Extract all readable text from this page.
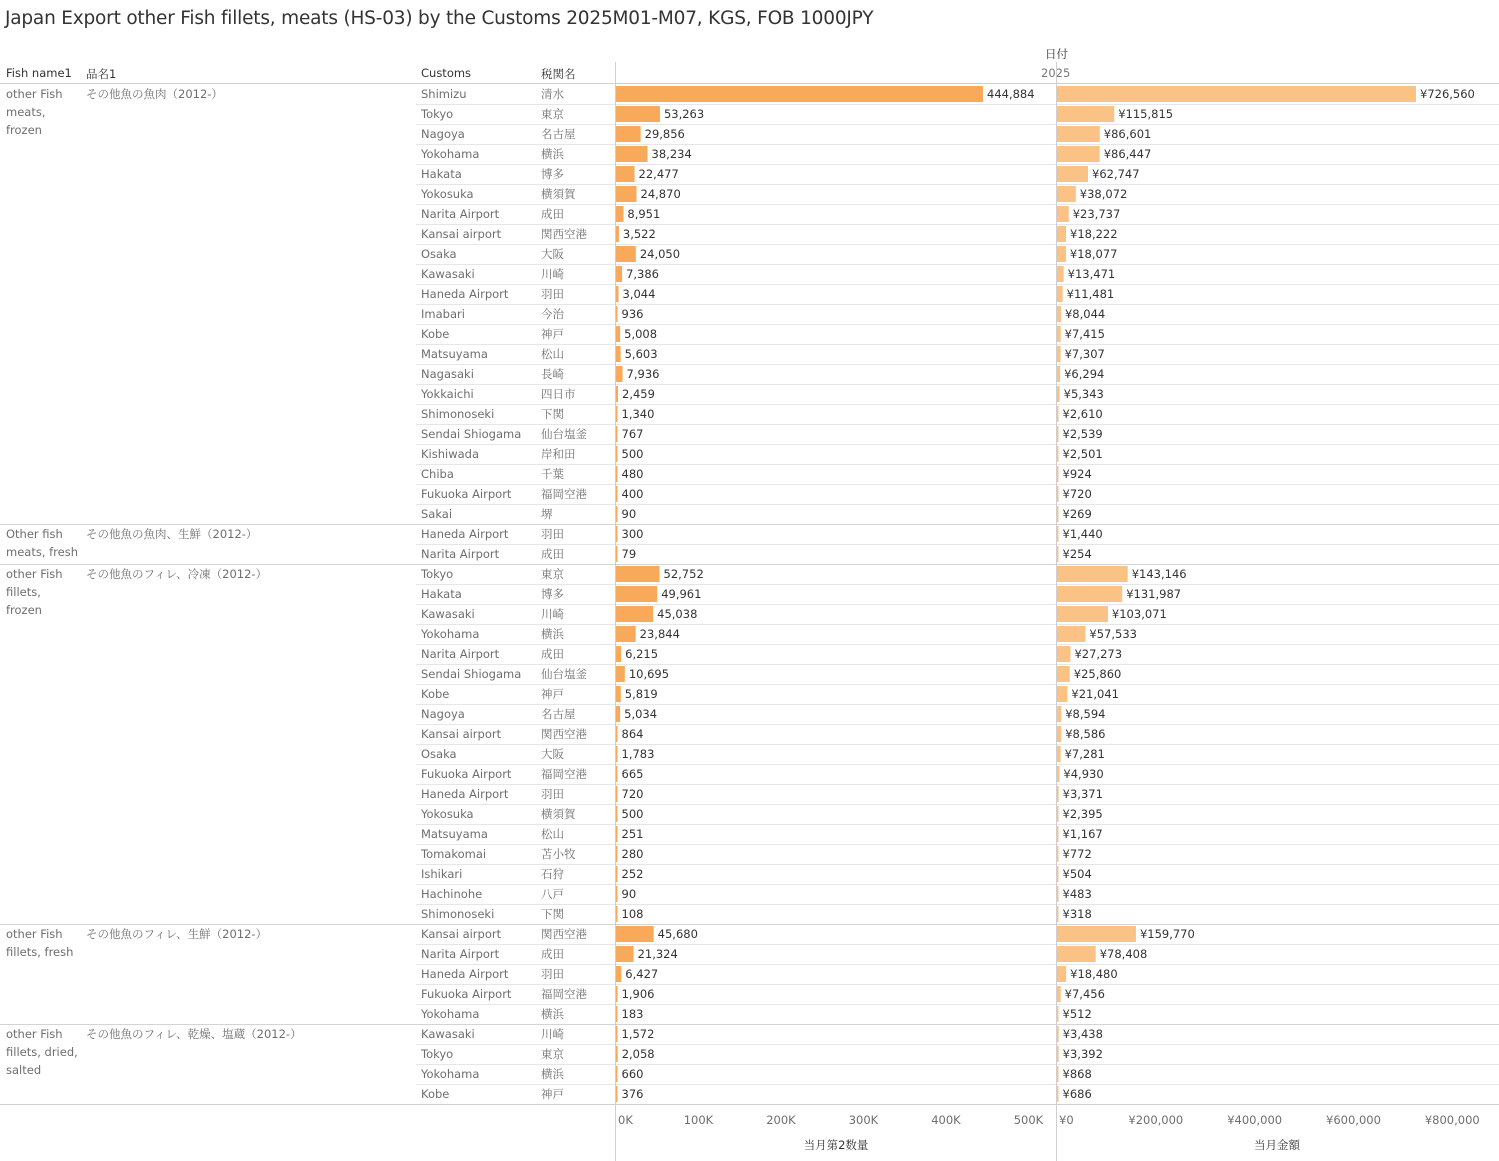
Japan Export other Fish fillets, meats (HS-03) by the Customs 2025M01-M07, KGS, FOB 1000JPY
日付
Fish name1 品名1	Customs	税関名	2025
other Fish meats, frozen
その他魚の魚肉（2012-）	Shimizu	清水	444,884	¥726,560
Tokyo	東京	53,263	¥115,815
Nagoya	名古屋	29,856	¥86,601
Yokohama	横浜	38,234	¥86,447
Hakata	博多	22,477	¥62,747
Yokosuka	横須賀	24,870	¥38,072
Narita Airport	成田	8,951	¥23,737
Kansai airport	関西空港	3,522	¥18,222
Osaka	大阪	24,050	¥18,077
Kawasaki	川崎	7,386	¥13,471
Haneda Airport	羽田	3,044	¥11,481
Imabari	今治	936	¥8,044
Kobe	神戸	5,008	¥7,415
Matsuyama	松山	5,603	¥7,307
Nagasaki	長崎	7,936	¥6,294
Yokkaichi	四日市	2,459	¥5,343
Shimonoseki	下関	1,340	¥2,610
Sendai Shiogama 仙台塩釜	767	¥2,539
Kishiwada	岸和田	500	¥2,501
Chiba	千葉	480	¥924
Fukuoka Airport	福岡空港	400	¥720
Sakai	堺	90	¥269
Other fish meats, fresh
その他魚の魚肉、生鮮（2012-）	Haneda Airport	羽田	300	¥1,440
Narita Airport	成田	79	¥254
other Fish fillets, frozen
その他魚のフィレ、冷凍（2012-）	Tokyo	東京	52,752	¥143,146
Hakata	博多	49,961	¥131,987
Kawasaki	川崎	45,038	¥103,071
Yokohama	横浜	23,844	¥57,533
Narita Airport	成田	6,215	¥27,273
Sendai Shiogama 仙台塩釜	10,695	¥25,860
Kobe	神戸	5,819	¥21,041
Nagoya	名古屋	5,034	¥8,594
Kansai airport	関西空港	864	¥8,586
Osaka	大阪	1,783	¥7,281
Fukuoka Airport	福岡空港	665	¥4,930
Haneda Airport	羽田	720	¥3,371
Yokosuka	横須賀	500	¥2,395
Matsuyama	松山	251	¥1,167
Tomakomai	苫小牧	280	¥772
Ishikari	石狩	252	¥504
Hachinohe	八戸	90	¥483
Shimonoseki	下関	108	¥318
other Fish fillets, fresh
その他魚のフィレ、生鮮（2012-）	Kansai airport	関西空港	45,680	¥159,770
Narita Airport	成田	21,324	¥78,408
Haneda Airport	羽田	6,427	¥18,480
Fukuoka Airport	福岡空港	1,906	¥7,456
Yokohama	横浜	183	¥512
other Fish fillets, dried, salted
その他魚のフィレ、乾燥、塩蔵（2012-）	Kawasaki	川崎	1,572	¥3,438
Tokyo	東京	2,058	¥3,392
Yokohama	横浜	660	¥868
Kobe	神戸	376	¥686
0K	100K	200K	300K	400K	500K ¥0	¥200,000	¥400,000	¥600,000	¥800,000
当月第2数量	当月金額
